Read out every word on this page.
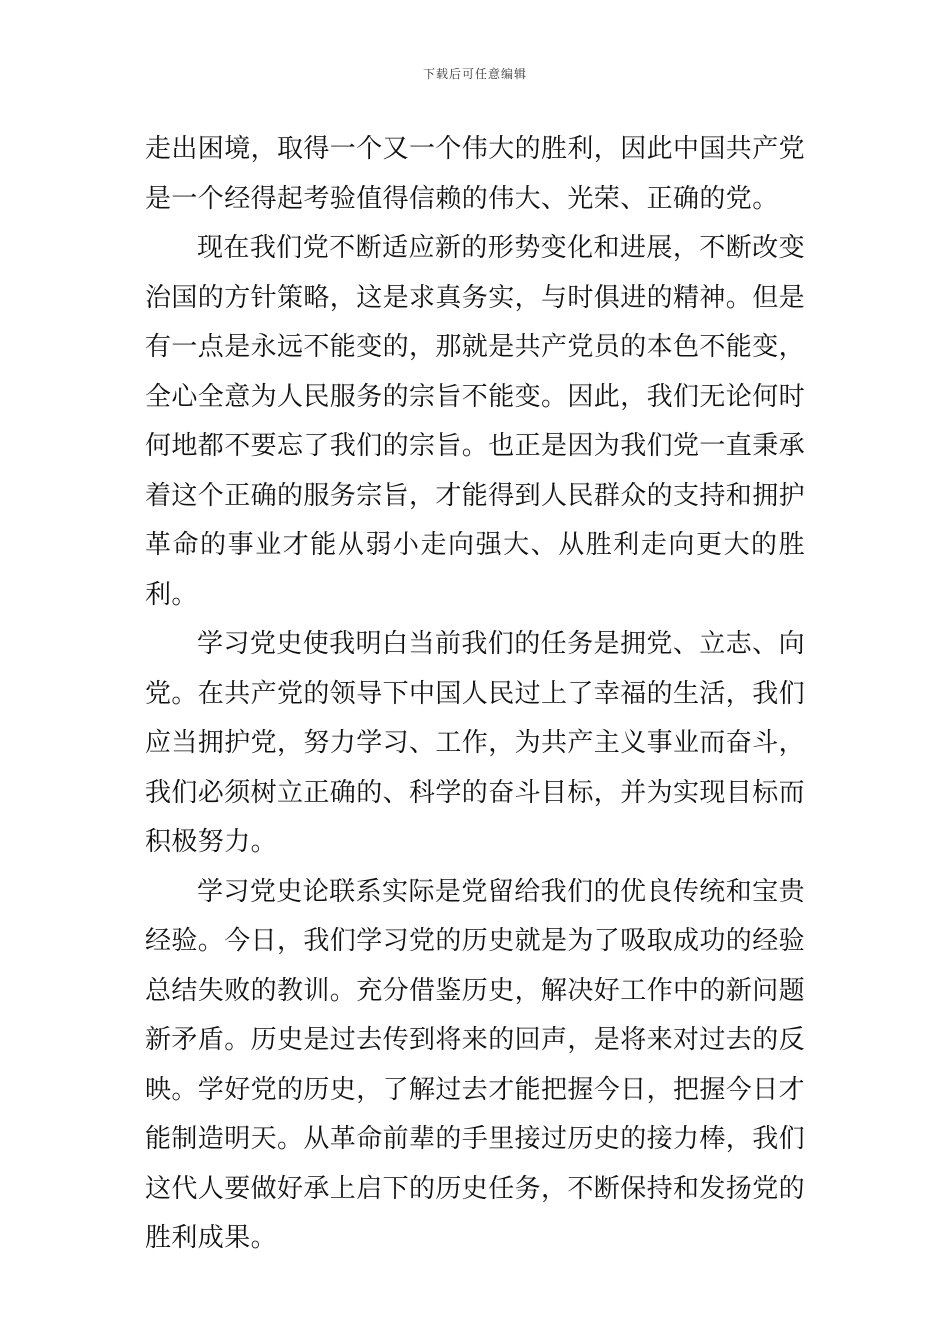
下载后可任意编辑

走出困境，取得一个又一个伟大的胜利，因此中国共产党是一个经得起考验值得信赖的伟大、光荣、正确的党。

现在我们党不断适应新的形势变化和进展，不断改变治国的方针策略，这是求真务实，与时俱进的精神。但是有一点是永远不能变的，那就是共产党员的本色不能变，全心全意为人民服务的宗旨不能变。因此，我们无论何时何地都不要忘了我们的宗旨。也正是因为我们党一直秉承着这个正确的服务宗旨，才能得到人民群众的支持和拥护革命的事业才能从弱小走向强大、从胜利走向更大的胜利。

学习党史使我明白当前我们的任务是拥党、立志、向党。在共产党的领导下中国人民过上了幸福的生活，我们应当拥护党，努力学习、工作，为共产主义事业而奋斗，我们必须树立正确的、科学的奋斗目标，并为实现目标而积极努力。

学习党史论联系实际是党留给我们的优良传统和宝贵经验。今日，我们学习党的历史就是为了吸取成功的经验总结失败的教训。充分借鉴历史，解决好工作中的新问题新矛盾。历史是过去传到将来的回声，是将来对过去的反映。学好党的历史，了解过去才能把握今日，把握今日才能制造明天。从革命前辈的手里接过历史的接力棒，我们这代人要做好承上启下的历史任务，不断保持和发扬党的胜利成果。
